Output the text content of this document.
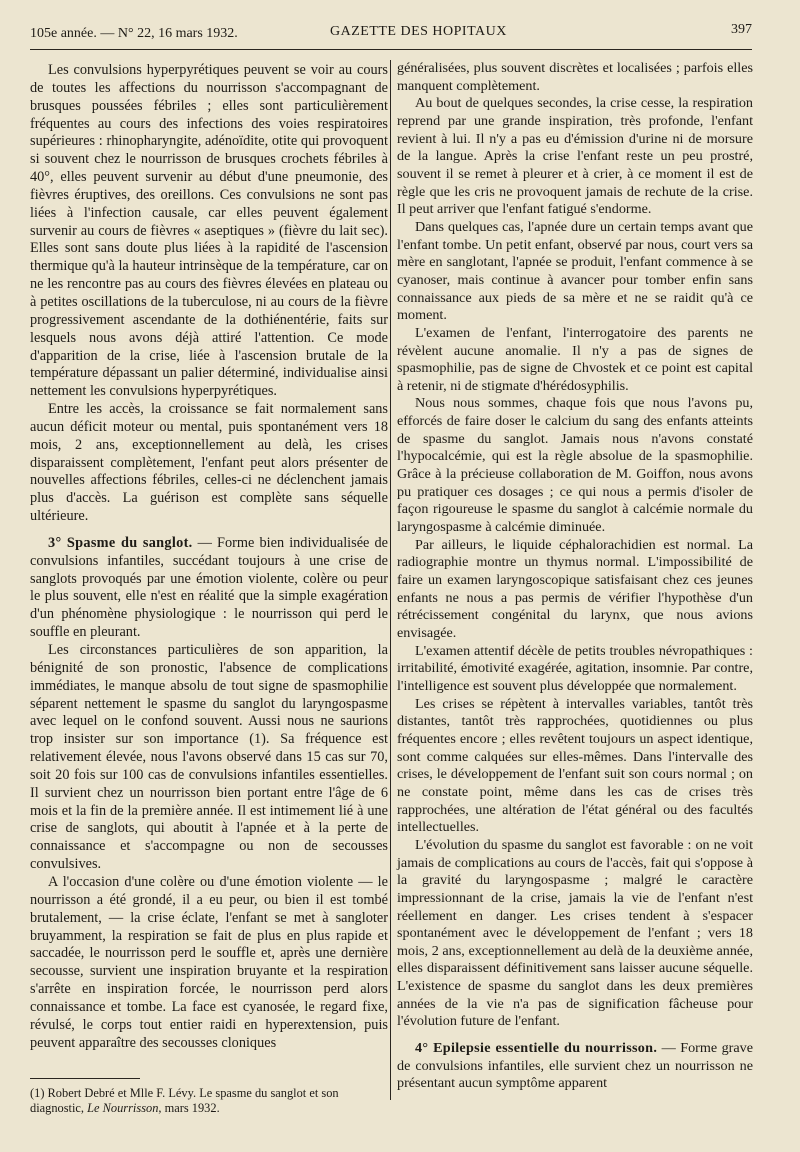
105e année. — N° 22, 16 mars 1932.	GAZETTE DES HOPITAUX	397

Les convulsions hyperpyrétiques peuvent se voir au cours de toutes les affections du nourrisson s'accompagnant de brusques poussées fébriles ; elles sont particulièrement fréquentes au cours des infections des voies respiratoires supérieures : rhinopharyngite, adénoïdite, otite qui provoquent si souvent chez le nourrisson de brusques crochets fébriles à 40°, elles peuvent survenir au début d'une pneumonie, des fièvres éruptives, des oreillons. Ces convulsions ne sont pas liées à l'infection causale, car elles peuvent également survenir au cours de fièvres « aseptiques » (fièvre du lait sec). Elles sont sans doute plus liées à la rapidité de l'ascension thermique qu'à la hauteur intrinsèque de la température, car on ne les rencontre pas au cours des fièvres élevées en plateau ou à petites oscillations de la tuberculose, ni au cours de la fièvre progressivement ascendante de la dothiénentérie, faits sur lesquels nous avons déjà attiré l'attention. Ce mode d'apparition de la crise, liée à l'ascension brutale de la température dépassant un palier déterminé, individualise ainsi nettement les convulsions hyperpyrétiques.

Entre les accès, la croissance se fait normalement sans aucun déficit moteur ou mental, puis spontanément vers 18 mois, 2 ans, exceptionnellement au delà, les crises disparaissent complètement, l'enfant peut alors présenter de nouvelles affections fébriles, celles-ci ne déclenchent jamais plus d'accès. La guérison est complète sans séquelle ultérieure.

3° Spasme du sanglot. — Forme bien individualisée de convulsions infantiles, succédant toujours à une crise de sanglots provoqués par une émotion violente, colère ou peur le plus souvent, elle n'est en réalité que la simple exagération d'un phénomène physiologique : le nourrisson qui perd le souffle en pleurant.

Les circonstances particulières de son apparition, la bénignité de son pronostic, l'absence de complications immédiates, le manque absolu de tout signe de spasmophilie séparent nettement le spasme du sanglot du laryngospasme avec lequel on le confond souvent. Aussi nous ne saurions trop insister sur son importance (1). Sa fréquence est relativement élevée, nous l'avons observé dans 15 cas sur 70, soit 20 fois sur 100 cas de convulsions infantiles essentielles. Il survient chez un nourrisson bien portant entre l'âge de 6 mois et la fin de la première année. Il est intimement lié à une crise de sanglots, qui aboutit à l'apnée et à la perte de connaissance et s'accompagne ou non de secousses convulsives.

A l'occasion d'une colère ou d'une émotion violente — le nourrisson a été grondé, il a eu peur, ou bien il est tombé brutalement, — la crise éclate, l'enfant se met à sangloter bruyamment, la respiration se fait de plus en plus rapide et saccadée, le nourrisson perd le souffle et, après une dernière secousse, survient une inspiration bruyante et la respiration s'arrête en inspiration forcée, le nourrisson perd alors connaissance et tombe. La face est cyanosée, le regard fixe, révulsé, le corps tout entier raidi en hyperextension, puis peuvent apparaître des secousses cloniques

généralisées, plus souvent discrètes et localisées ; parfois elles manquent complètement.

Au bout de quelques secondes, la crise cesse, la respiration reprend par une grande inspiration, très profonde, l'enfant revient à lui. Il n'y a pas eu d'émission d'urine ni de morsure de la langue. Après la crise l'enfant reste un peu prostré, souvent il se remet à pleurer et à crier, à ce moment il est de règle que les cris ne provoquent jamais de rechute de la crise. Il peut arriver que l'enfant fatigué s'endorme.

Dans quelques cas, l'apnée dure un certain temps avant que l'enfant tombe. Un petit enfant, observé par nous, court vers sa mère en sanglotant, l'apnée se produit, l'enfant commence à se cyanoser, mais continue à avancer pour tomber enfin sans connaissance aux pieds de sa mère et ne se raidit qu'à ce moment.

L'examen de l'enfant, l'interrogatoire des parents ne révèlent aucune anomalie. Il n'y a pas de signes de spasmophilie, pas de signe de Chvostek et ce point est capital à retenir, ni de stigmate d'hérédosyphilis.

Nous nous sommes, chaque fois que nous l'avons pu, efforcés de faire doser le calcium du sang des enfants atteints de spasme du sanglot. Jamais nous n'avons constaté l'hypocalcémie, qui est la règle absolue de la spasmophilie. Grâce à la précieuse collaboration de M. Goiffon, nous avons pu pratiquer ces dosages ; ce qui nous a permis d'isoler de façon rigoureuse le spasme du sanglot à calcémie normale du laryngospasme à calcémie diminuée.

Par ailleurs, le liquide céphalorachidien est normal. La radiographie montre un thymus normal. L'impossibilité de faire un examen laryngoscopique satisfaisant chez ces jeunes enfants ne nous a pas permis de vérifier l'hypothèse d'un rétrécissement congénital du larynx, que nous avions envisagée.

L'examen attentif décèle de petits troubles névropathiques : irritabilité, émotivité exagérée, agitation, insomnie. Par contre, l'intelligence est souvent plus développée que normalement.

Les crises se répètent à intervalles variables, tantôt très distantes, tantôt très rapprochées, quotidiennes ou plus fréquentes encore ; elles revêtent toujours un aspect identique, sont comme calquées sur elles-mêmes. Dans l'intervalle des crises, le développement de l'enfant suit son cours normal ; on ne constate point, même dans les cas de crises très rapprochées, une altération de l'état général ou des facultés intellectuelles.

L'évolution du spasme du sanglot est favorable : on ne voit jamais de complications au cours de l'accès, fait qui s'oppose à la gravité du laryngospasme ; malgré le caractère impressionnant de la crise, jamais la vie de l'enfant n'est réellement en danger. Les crises tendent à s'espacer spontanément avec le développement de l'enfant ; vers 18 mois, 2 ans, exceptionnellement au delà de la deuxième année, elles disparaissent définitivement sans laisser aucune séquelle. L'existence de spasme du sanglot dans les deux premières années de la vie n'a pas de signification fâcheuse pour l'évolution future de l'enfant.

4° Epilepsie essentielle du nourrisson. — Forme grave de convulsions infantiles, elle survient chez un nourrisson ne présentant aucun symptôme apparent

(1) Robert Debré et Mlle F. Lévy. Le spasme du sanglot et son diagnostic, Le Nourrisson, mars 1932.
